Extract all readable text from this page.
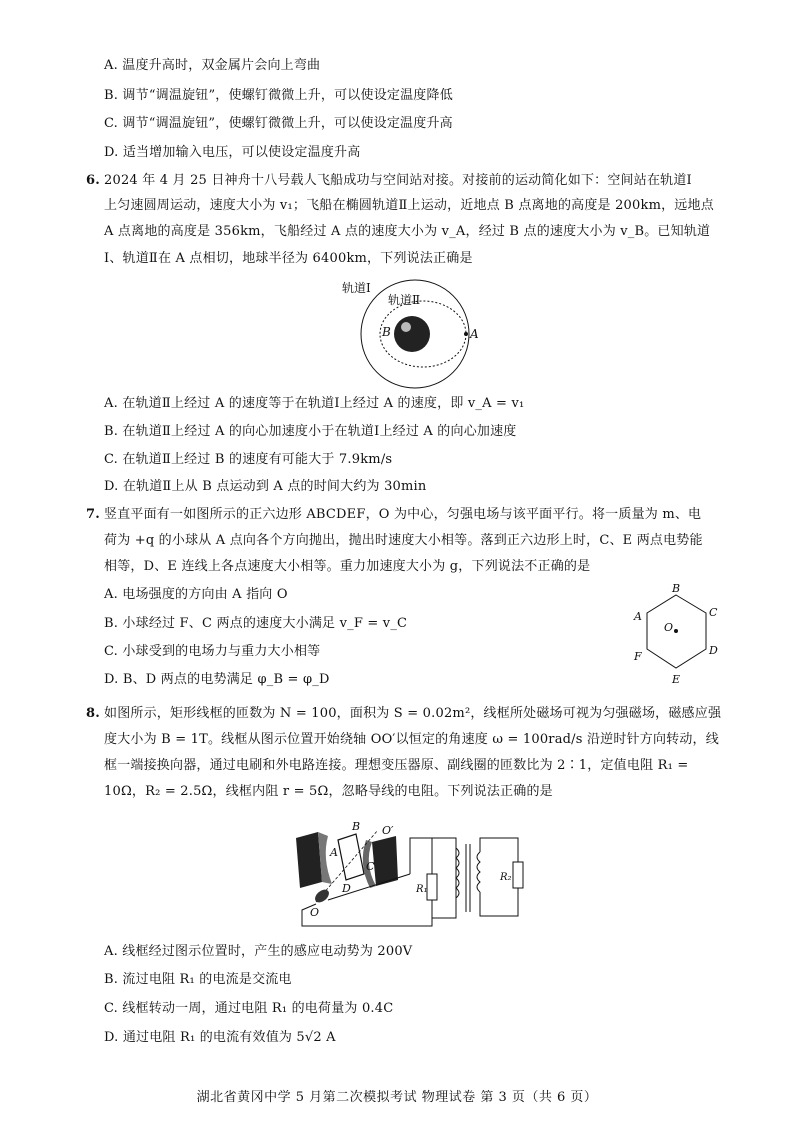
A. 温度升高时，双金属片会向上弯曲
B. 调节“调温旋钮”，使螺钉微微上升，可以使设定温度降低
C. 调节“调温旋钮”，使螺钉微微上升，可以使设定温度升高
D. 适当增加输入电压，可以使设定温度升高
6. 2024 年 4 月 25 日神舟十八号载人飞船成功与空间站对接。对接前的运动简化如下：空间站在轨道Ⅰ
上匀速圆周运动，速度大小为 v₁；飞船在椭圆轨道Ⅱ上运动，近地点 B 点离地的高度是 200km，远地点
A 点离地的高度是 356km，飞船经过 A 点的速度大小为 v_A，经过 B 点的速度大小为 v_B。已知轨道
Ⅰ、轨道Ⅱ在 A 点相切，地球半径为 6400km，下列说法正确是
轨道Ⅰ
轨道Ⅱ
A
B
A. 在轨道Ⅱ上经过 A 的速度等于在轨道Ⅰ上经过 A 的速度，即 v_A = v₁
B. 在轨道Ⅱ上经过 A 的向心加速度小于在轨道Ⅰ上经过 A 的向心加速度
C. 在轨道Ⅱ上经过 B 的速度有可能大于 7.9km/s
D. 在轨道Ⅱ上从 B 点运动到 A 点的时间大约为 30min
7. 竖直平面有一如图所示的正六边形 ABCDEF，O 为中心，匀强电场与该平面平行。将一质量为 m、电
荷为 +q 的小球从 A 点向各个方向抛出，抛出时速度大小相等。落到正六边形上时，C、E 两点电势能
相等，D、E 连线上各点速度大小相等。重力加速度大小为 g，下列说法不正确的是
A. 电场强度的方向由 A 指向 O
B. 小球经过 F、C 两点的速度大小满足 v_F = v_C
C. 小球受到的电场力与重力大小相等
D. B、D 两点的电势满足 φ_B = φ_D
B
C
D
E
F
A
O
8. 如图所示，矩形线框的匝数为 N = 100，面积为 S = 0.02m²，线框所处磁场可视为匀强磁场，磁感应强
度大小为 B = 1T。线框从图示位置开始绕轴 OO′以恒定的角速度 ω = 100rad/s 沿逆时针方向转动，线
框一端接换向器，通过电刷和外电路连接。理想变压器原、副线圈的匝数比为 2∶1，定值电阻 R₁ =
10Ω，R₂ = 2.5Ω，线框内阻 r = 5Ω，忽略导线的电阻。下列说法正确的是
B O′
A
C
D
O
R₁
R₂
A. 线框经过图示位置时，产生的感应电动势为 200V
B. 流过电阻 R₁ 的电流是交流电
C. 线框转动一周，通过电阻 R₁ 的电荷量为 0.4C
D. 通过电阻 R₁ 的电流有效值为 5√2 A
湖北省黄冈中学 5 月第二次模拟考试 物理试卷 第 3 页（共 6 页）
